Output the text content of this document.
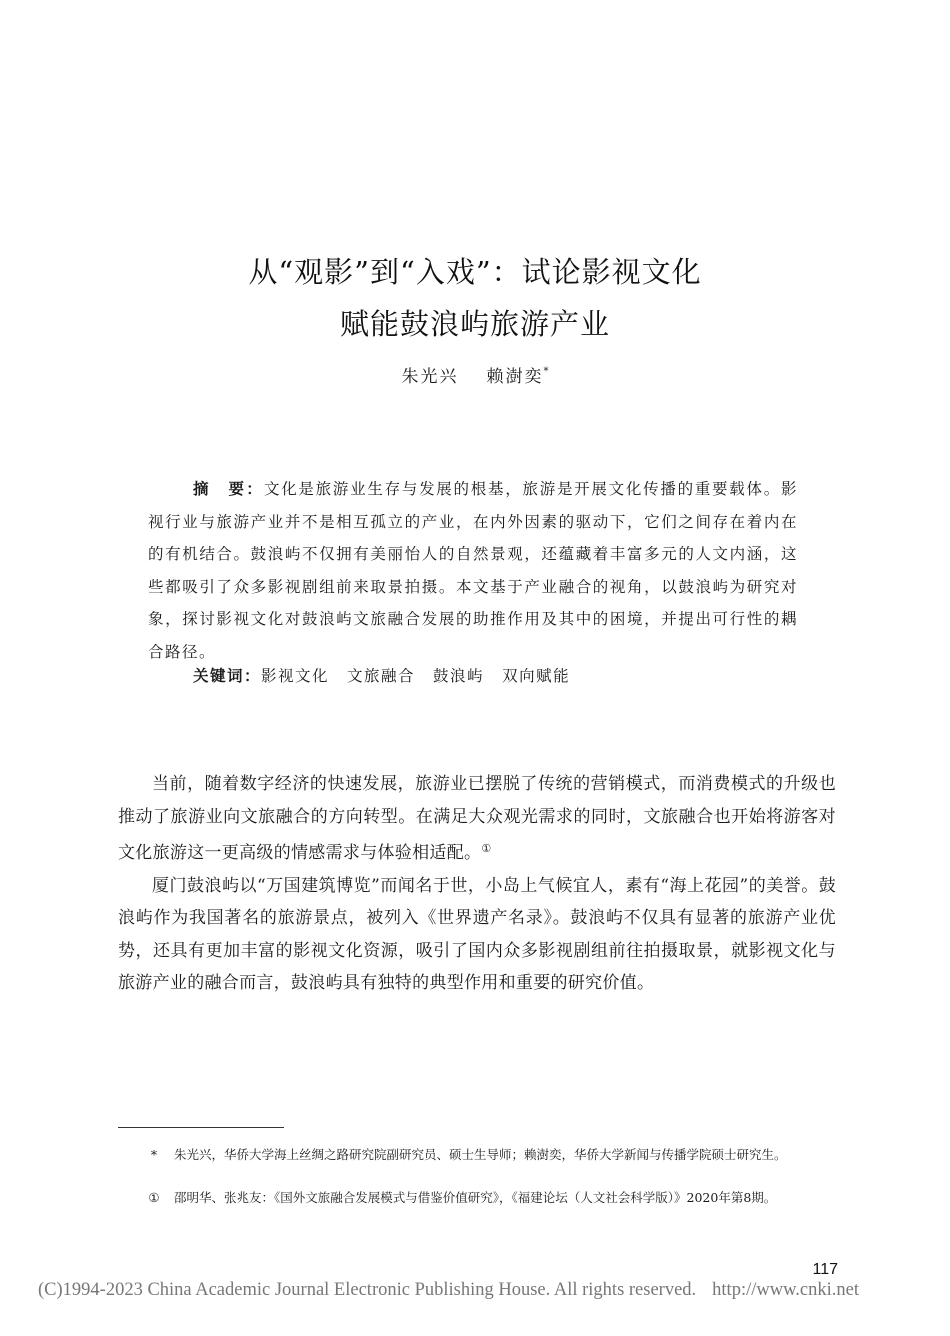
从“观影”到“入戏”：试论影视文化
赋能鼓浪屿旅游产业
朱光兴 赖澍奕*
摘　要：文化是旅游业生存与发展的根基，旅游是开展文化传播的重要载体。影视行业与旅游产业并不是相互孤立的产业，在内外因素的驱动下，它们之间存在着内在的有机结合。鼓浪屿不仅拥有美丽怡人的自然景观，还蕴藏着丰富多元的人文内涵，这些都吸引了众多影视剧组前来取景拍摄。本文基于产业融合的视角，以鼓浪屿为研究对象，探讨影视文化对鼓浪屿文旅融合发展的助推作用及其中的困境，并提出可行性的耦合路径。
关键词：影视文化 文旅融合 鼓浪屿 双向赋能

当前，随着数字经济的快速发展，旅游业已摆脱了传统的营销模式，而消费模式的升级也推动了旅游业向文旅融合的方向转型。在满足大众观光需求的同时，文旅融合也开始将游客对文化旅游这一更高级的情感需求与体验相适配。①

厦门鼓浪屿以“万国建筑博览”而闻名于世，小岛上气候宜人，素有“海上花园”的美誉。鼓浪屿作为我国著名的旅游景点，被列入《世界遗产名录》。鼓浪屿不仅具有显著的旅游产业优势，还具有更加丰富的影视文化资源，吸引了国内众多影视剧组前往拍摄取景，就影视文化与旅游产业的融合而言，鼓浪屿具有独特的典型作用和重要的研究价值。

*	朱光兴，华侨大学海上丝绸之路研究院副研究员、硕士生导师；赖澍奕，华侨大学新闻与传播学院硕士研究生。
① 邵明华、张兆友：《国外文旅融合发展模式与借鉴价值研究》，《福建论坛（人文社会科学版）》2020年第8期。
117
(C)1994-2023 China Academic Journal Electronic Publishing House. All rights reserved. http://www.cnki.net
